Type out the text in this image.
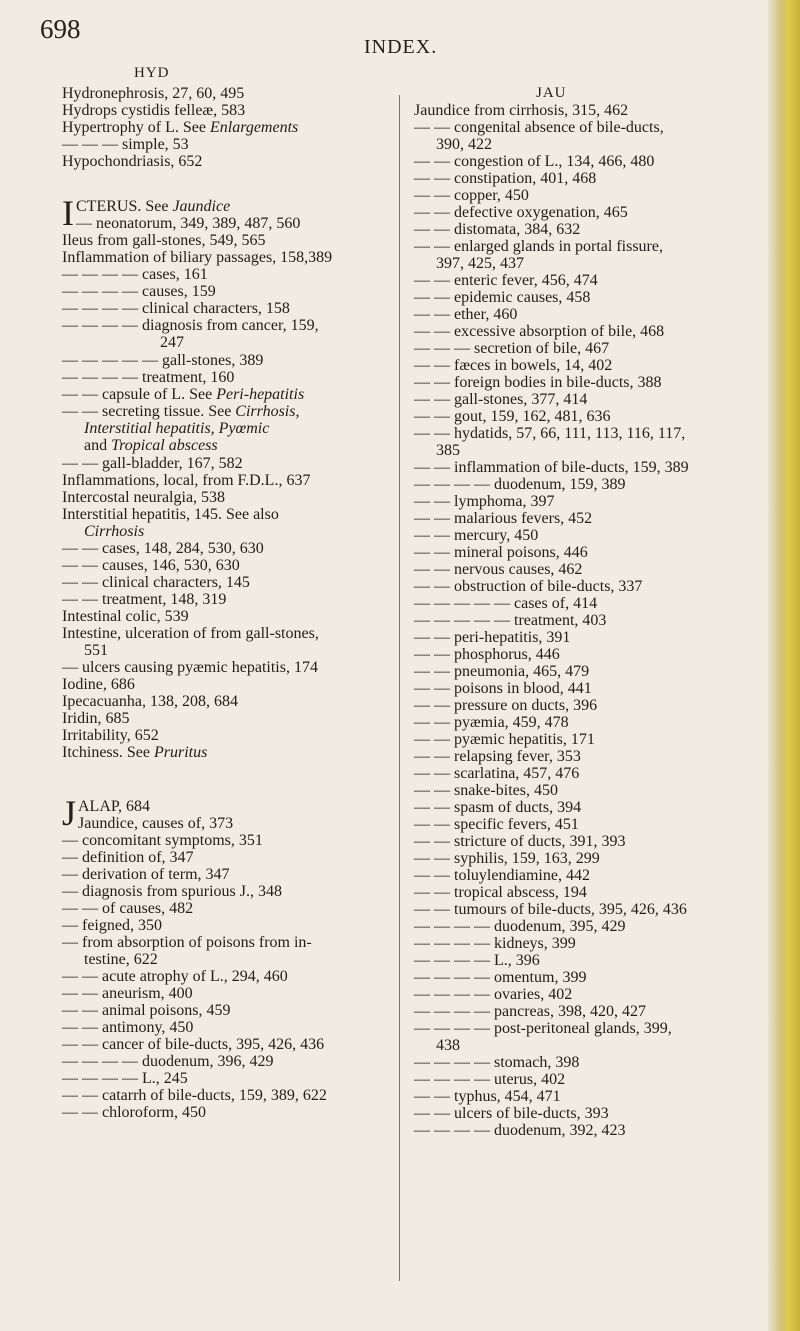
698
INDEX.
HYD
Hydronephrosis, 27, 60, 495
Hydrops cystidis felleæ, 583
Hypertrophy of L. See Enlargements
— — — simple, 53
Hypochondriasis, 652
I CTERUS. See Jaundice
— neonatorum, 349, 389, 487, 560
Ileus from gall-stones, 549, 565
Inflammation of biliary passages, 158,389
— — — — cases, 161
— — — — causes, 159
— — — — clinical characters, 158
— — — — diagnosis from cancer, 159,
247
— — — — — gall-stones, 389
— — — — treatment, 160
— — capsule of L. See Peri-hepatitis
— — secreting tissue. See Cirrhosis,
Interstitial hepatitis, Pyœmic
and Tropical abscess
— — gall-bladder, 167, 582
Inflammations, local, from F.D.L., 637
Intercostal neuralgia, 538
Interstitial hepatitis, 145. See also
Cirrhosis
— — cases, 148, 284, 530, 630
— — causes, 146, 530, 630
— — clinical characters, 145
— — treatment, 148, 319
Intestinal colic, 539
Intestine, ulceration of from gall-stones,
551
— ulcers causing pyæmic hepatitis, 174
Iodine, 686
Ipecacuanha, 138, 208, 684
Iridin, 685
Irritability, 652
Itchiness. See Pruritus
J ALAP, 684
Jaundice, causes of, 373
— concomitant symptoms, 351
— definition of, 347
— derivation of term, 347
— diagnosis from spurious J., 348
— — of causes, 482
— feigned, 350
— from absorption of poisons from in-
testine, 622
— — acute atrophy of L., 294, 460
— — aneurism, 400
— — animal poisons, 459
— — antimony, 450
— — cancer of bile-ducts, 395, 426, 436
— — — — duodenum, 396, 429
— — — — L., 245
— — catarrh of bile-ducts, 159, 389, 622
— — chloroform, 450
JAU
Jaundice from cirrhosis, 315, 462
— — congenital absence of bile-ducts,
390, 422
— — congestion of L., 134, 466, 480
— — constipation, 401, 468
— — copper, 450
— — defective oxygenation, 465
— — distomata, 384, 632
— — enlarged glands in portal fissure,
397, 425, 437
— — enteric fever, 456, 474
— — epidemic causes, 458
— — ether, 460
— — excessive absorption of bile, 468
— — — secretion of bile, 467
— — fæces in bowels, 14, 402
— — foreign bodies in bile-ducts, 388
— — gall-stones, 377, 414
— — gout, 159, 162, 481, 636
— — hydatids, 57, 66, 111, 113, 116, 117,
385
— — inflammation of bile-ducts, 159, 389
— — — — duodenum, 159, 389
— — lymphoma, 397
— — malarious fevers, 452
— — mercury, 450
— — mineral poisons, 446
— — nervous causes, 462
— — obstruction of bile-ducts, 337
— — — — — cases of, 414
— — — — — treatment, 403
— — peri-hepatitis, 391
— — phosphorus, 446
— — pneumonia, 465, 479
— — poisons in blood, 441
— — pressure on ducts, 396
— — pyæmia, 459, 478
— — pyæmic hepatitis, 171
— — relapsing fever, 353
— — scarlatina, 457, 476
— — snake-bites, 450
— — spasm of ducts, 394
— — specific fevers, 451
— — stricture of ducts, 391, 393
— — syphilis, 159, 163, 299
— — toluylendiamine, 442
— — tropical abscess, 194
— — tumours of bile-ducts, 395, 426, 436
— — — — duodenum, 395, 429
— — — — kidneys, 399
— — — — L., 396
— — — — omentum, 399
— — — — ovaries, 402
— — — — pancreas, 398, 420, 427
— — — — post-peritoneal glands, 399,
438
— — — — stomach, 398
— — — — uterus, 402
— — typhus, 454, 471
— — ulcers of bile-ducts, 393
— — — — duodenum, 392, 423
